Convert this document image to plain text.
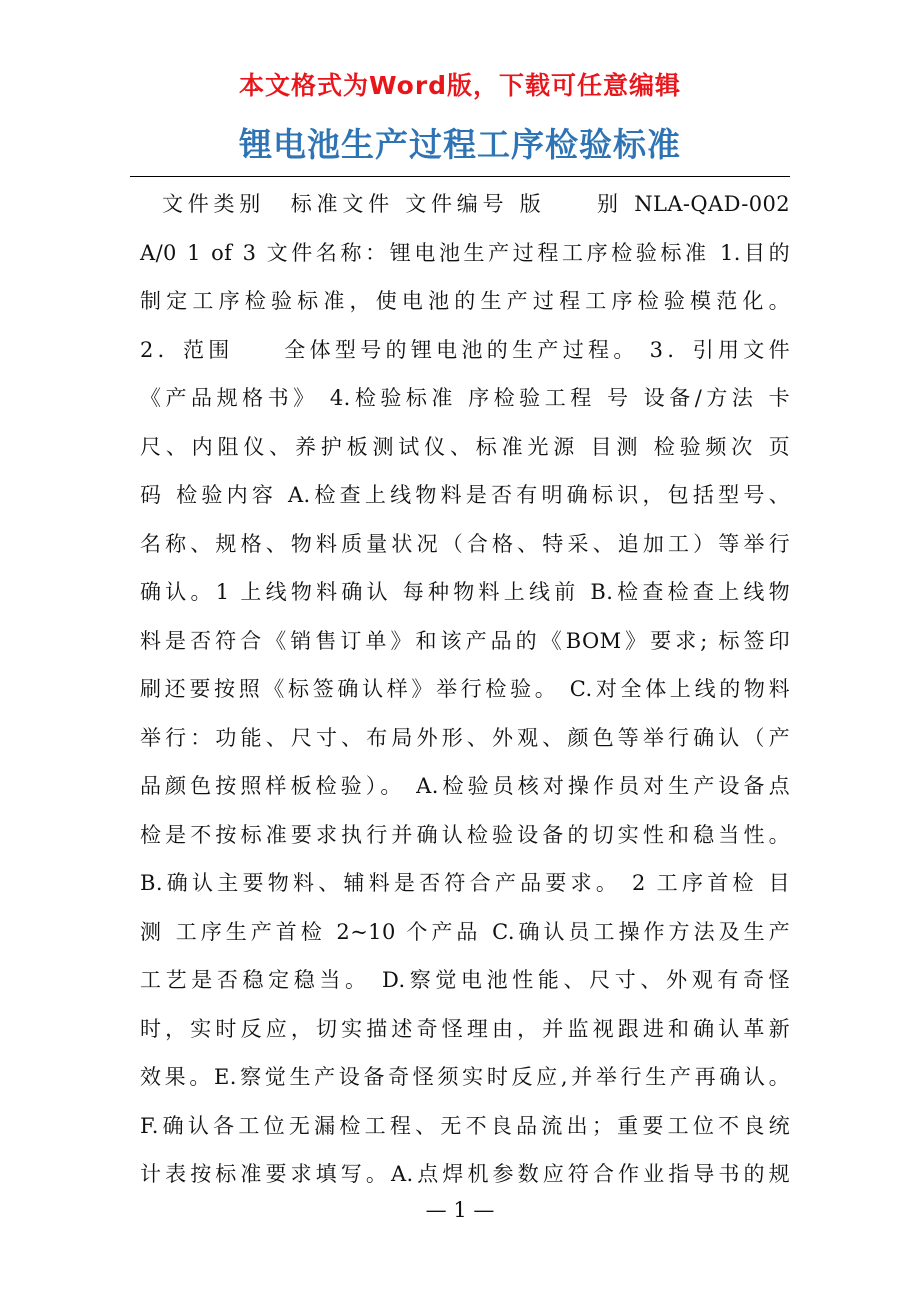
本文格式为Word版，下载可任意编辑
锂电池生产过程工序检验标准
文件类别　标准文件 文件编号 版　　别 NLA-QAD-002
A/0 1 of 3 文件名称：锂电池生产过程工序检验标准 1.目的
制定工序检验标准，使电池的生产过程工序检验模范化。
2．范围　　全体型号的锂电池的生产过程。 3．引用文件
《产品规格书》 4.检验标准 序检验工程 号 设备/方法 卡
尺、内阻仪、养护板测试仪、标准光源 目测 检验频次 页
码 检验内容 A.检查上线物料是否有明确标识，包括型号、
名称、规格、物料质量状况（合格、特采、追加工）等举行
确认。1 上线物料确认 每种物料上线前 B.检查检查上线物
料是否符合《销售订单》和该产品的《BOM》要求; 标签印
刷还要按照《标签确认样》举行检验。 C.对全体上线的物料
举行：功能、尺寸、布局外形、外观、颜色等举行确认（产
品颜色按照样板检验）。 A.检验员核对操作员对生产设备点
检是不按标准要求执行并确认检验设备的切实性和稳当性。
B.确认主要物料、辅料是否符合产品要求。 2 工序首检 目
测 工序生产首检 2~10 个产品 C.确认员工操作方法及生产
工艺是否稳定稳当。 D.察觉电池性能、尺寸、外观有奇怪
时，实时反应，切实描述奇怪理由，并监视跟进和确认革新
效果。E.察觉生产设备奇怪须实时反应,并举行生产再确认。
F.确认各工位无漏检工程、无不良品流出；重要工位不良统
计表按标准要求填写。A.点焊机参数应符合作业指导书的规
— 1 —
